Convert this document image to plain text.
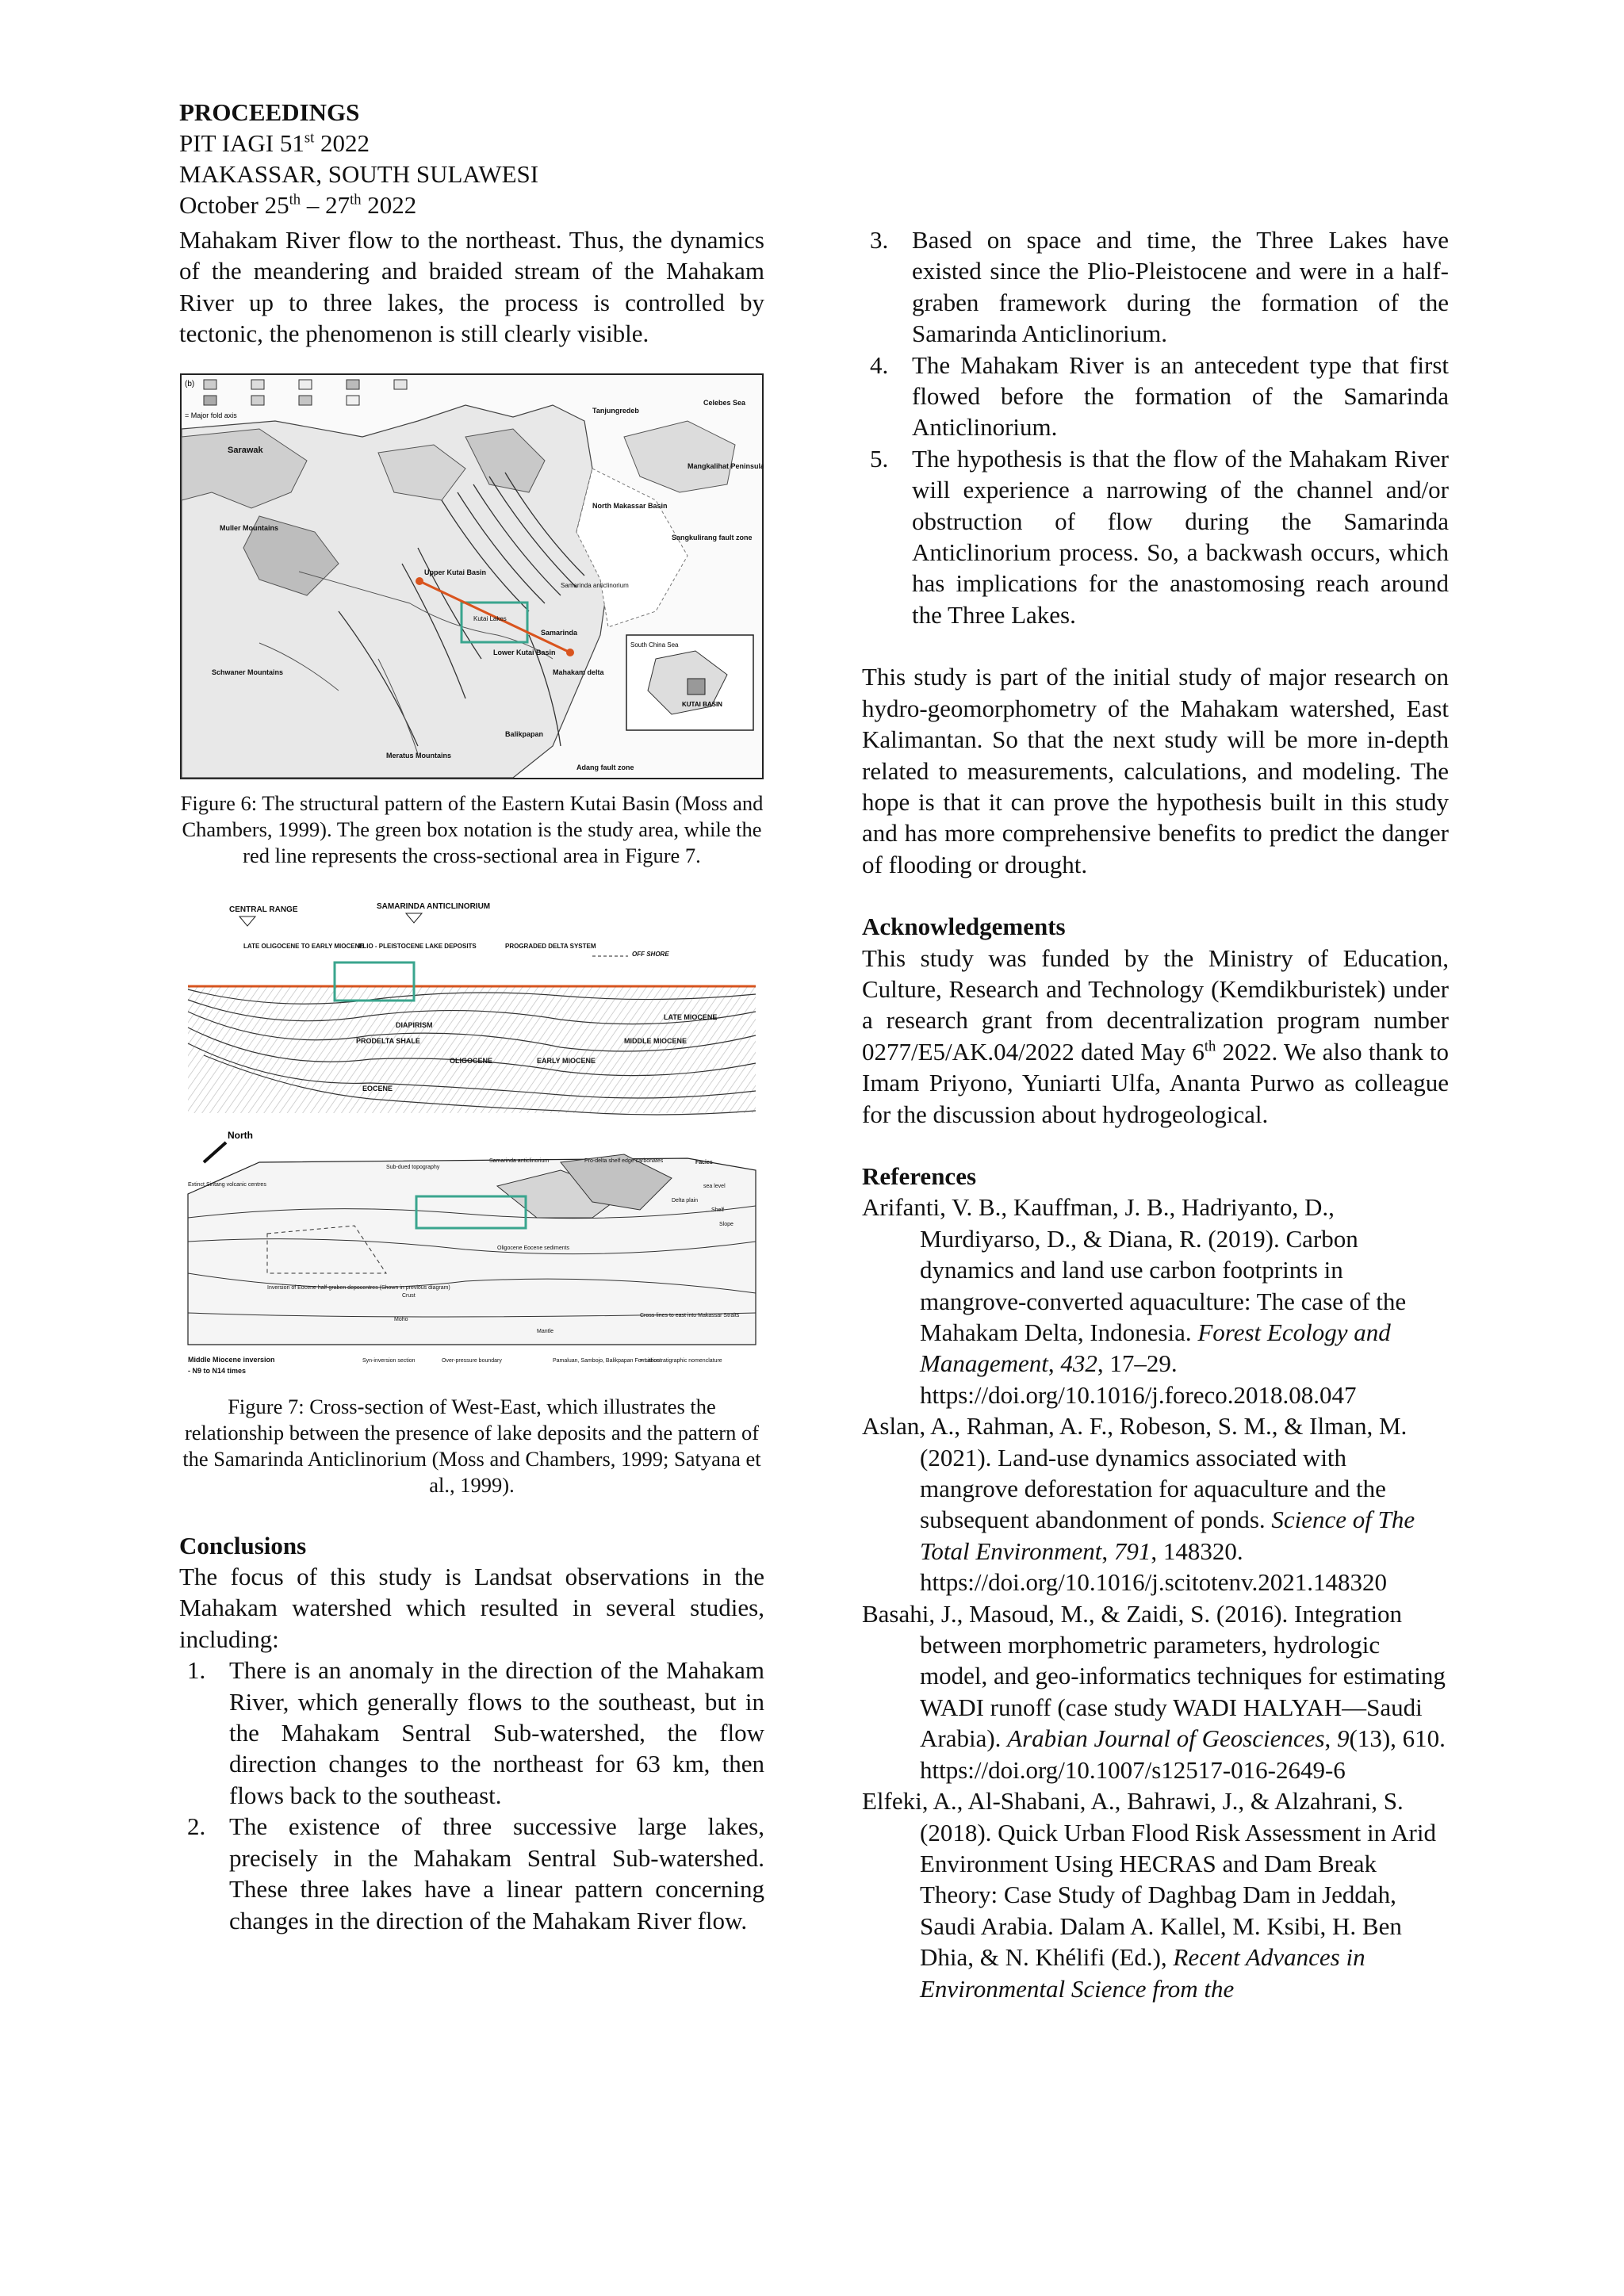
PROCEEDINGS
PIT IAGI 51st 2022
MAKASSAR, SOUTH SULAWESI
October 25th – 27th 2022

Mahakam River flow to the northeast. Thus, the dynamics of the meandering and braided stream of the Mahakam River up to three lakes, the process is controlled by tectonic, the phenomenon is still clearly visible.

(b)
= Major fold axis
South China Sea
KUTAI BASIN
Sarawak
Muller Mountains
Schwaner Mountains
Meratus Mountains
Upper Kutai Basin
Lower Kutai Basin
North Makassar Basin
Sangkulirang fault zone
Samarinda
Mahakam delta
Balikpapan
Adang fault zone
Tanjungredeb
Celebes Sea
Mangkalihat Peninsula
Samarinda anticlinorium
Kutai Lakes

Figure 6: The structural pattern of the Eastern Kutai Basin (Moss and Chambers, 1999). The green box notation is the study area, while the red line represents the cross-sectional area in Figure 7.

CENTRAL RANGE	SAMARINDA ANTICLINORIUM
LATE OLIGOCENE TO EARLY MIOCENE
PLIO - PLEISTOCENE LAKE DEPOSITS	PROGRADED DELTA SYSTEM
OFF SHORE
DIAPIRISM
PRODELTA SHALE
OLIGOCENE
EOCENE
EARLY MIOCENE
MIDDLE MIOCENE
LATE MIOCENE
North
Sub-dued topography
Samarinda anticlinorium	Pro-delta shelf edge carbonates	Facies
sea level
Delta plain
Shelf
Slope
Extinct Sintang volcanic centres
Oligocene Eocene sediments
Inversion of Eocene half-graben depocentres (Shown in previous diagram)
Crust
Moho
Mantle
Cross-lines to east into Makassar Straits
Middle Miocene inversion
- N9 to N14 times
Syn-inversion section	Over-pressure boundary	Pamaluan, Sambojo, Balikpapan Formation
= Lithostratigraphic nomenclature

Figure 7: Cross-section of West-East, which illustrates the relationship between the presence of lake deposits and the pattern of the Samarinda Anticlinorium (Moss and Chambers, 1999; Satyana et al., 1999).

Conclusions

The focus of this study is Landsat observations in the Mahakam watershed which resulted in several studies, including:

1. There is an anomaly in the direction of the Mahakam River, which generally flows to the southeast, but in the Mahakam Sentral Sub-watershed, the flow direction changes to the northeast for 63 km, then flows back to the southeast.
2. The existence of three successive large lakes, precisely in the Mahakam Sentral Sub-watershed. These three lakes have a linear pattern concerning changes in the direction of the Mahakam River flow.
3. Based on space and time, the Three Lakes have existed since the Plio-Pleistocene and were in a half-graben framework during the formation of the Samarinda Anticlinorium.
4. The Mahakam River is an antecedent type that first flowed before the formation of the Samarinda Anticlinorium.
5. The hypothesis is that the flow of the Mahakam River will experience a narrowing of the channel and/or obstruction of flow during the Samarinda Anticlinorium process. So, a backwash occurs, which has implications for the anastomosing reach around the Three Lakes.

This study is part of the initial study of major research on hydro-geomorphometry of the Mahakam watershed, East Kalimantan. So that the next study will be more in-depth related to measurements, calculations, and modeling. The hope is that it can prove the hypothesis built in this study and has more comprehensive benefits to predict the danger of flooding or drought.

Acknowledgements

This study was funded by the Ministry of Education, Culture, Research and Technology (Kemdikburistek) under a research grant from decentralization program number 0277/E5/AK.04/2022 dated May 6th 2022. We also thank to Imam Priyono, Yuniarti Ulfa, Ananta Purwo as colleague for the discussion about hydrogeological.

References

Arifanti, V. B., Kauffman, J. B., Hadriyanto, D., Murdiyarso, D., & Diana, R. (2019). Carbon dynamics and land use carbon footprints in mangrove-converted aquaculture: The case of the Mahakam Delta, Indonesia. Forest Ecology and Management, 432, 17–29. https://doi.org/10.1016/j.foreco.2018.08.047

Aslan, A., Rahman, A. F., Robeson, S. M., & Ilman, M. (2021). Land-use dynamics associated with mangrove deforestation for aquaculture and the subsequent abandonment of ponds. Science of The Total Environment, 791, 148320. https://doi.org/10.1016/j.scitotenv.2021.148320

Basahi, J., Masoud, M., & Zaidi, S. (2016). Integration between morphometric parameters, hydrologic model, and geo-informatics techniques for estimating WADI runoff (case study WADI HALYAH—Saudi Arabia). Arabian Journal of Geosciences, 9(13), 610. https://doi.org/10.1007/s12517-016-2649-6

Elfeki, A., Al-Shabani, A., Bahrawi, J., & Alzahrani, S. (2018). Quick Urban Flood Risk Assessment in Arid Environment Using HECRAS and Dam Break Theory: Case Study of Daghbag Dam in Jeddah, Saudi Arabia. Dalam A. Kallel, M. Ksibi, H. Ben Dhia, & N. Khélifi (Ed.), Recent Advances in Environmental Science from the
